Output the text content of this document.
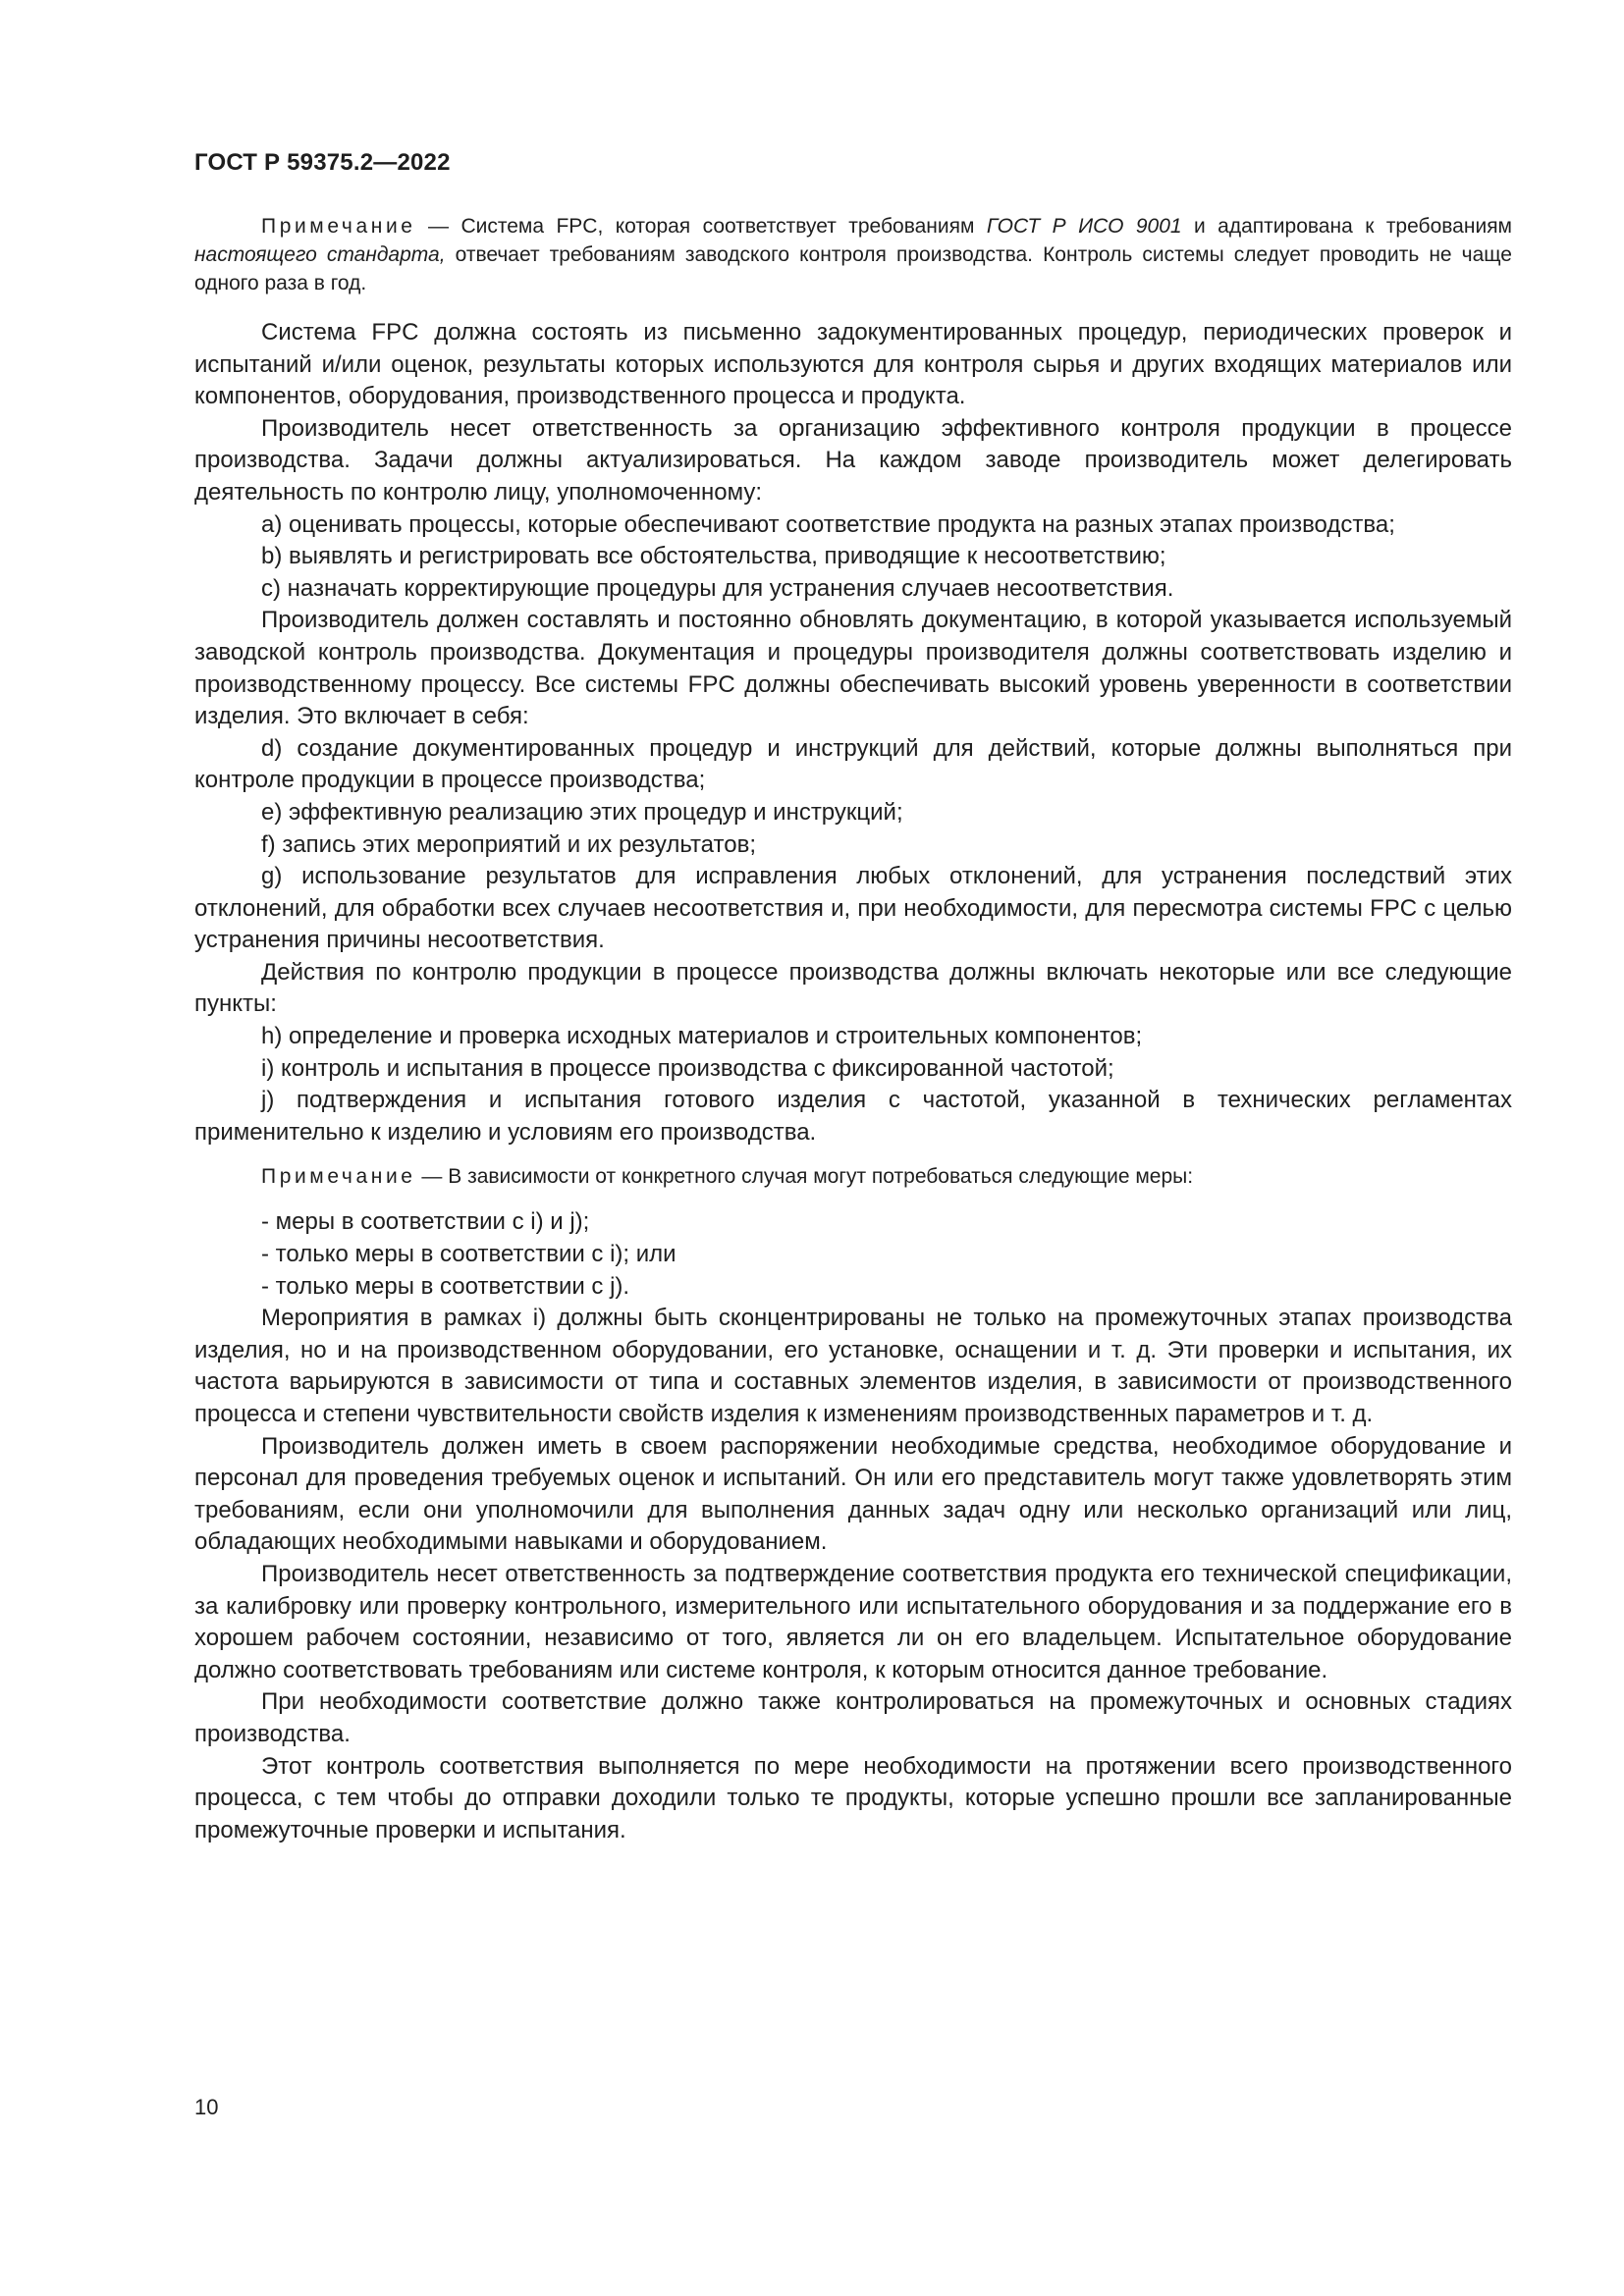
ГОСТ Р 59375.2—2022

Примечание — Система FPC, которая соответствует требованиям ГОСТ Р ИСО 9001 и адаптирована к требованиям настоящего стандарта, отвечает требованиям заводского контроля производства. Контроль системы следует проводить не чаще одного раза в год.

Система FPC должна состоять из письменно задокументированных процедур, периодических проверок и испытаний и/или оценок, результаты которых используются для контроля сырья и других входящих материалов или компонентов, оборудования, производственного процесса и продукта.

Производитель несет ответственность за организацию эффективного контроля продукции в процессе производства. Задачи должны актуализироваться. На каждом заводе производитель может делегировать деятельность по контролю лицу, уполномоченному:

а) оценивать процессы, которые обеспечивают соответствие продукта на разных этапах производства;

b) выявлять и регистрировать все обстоятельства, приводящие к несоответствию;

c) назначать корректирующие процедуры для устранения случаев несоответствия.

Производитель должен составлять и постоянно обновлять документацию, в которой указывается используемый заводской контроль производства. Документация и процедуры производителя должны соответствовать изделию и производственному процессу. Все системы FPC должны обеспечивать высокий уровень уверенности в соответствии изделия. Это включает в себя:

d) создание документированных процедур и инструкций для действий, которые должны выполняться при контроле продукции в процессе производства;

е) эффективную реализацию этих процедур и инструкций;

f) запись этих мероприятий и их результатов;

g) использование результатов для исправления любых отклонений, для устранения последствий этих отклонений, для обработки всех случаев несоответствия и, при необходимости, для пересмотра системы FPC с целью устранения причины несоответствия.

Действия по контролю продукции в процессе производства должны включать некоторые или все следующие пункты:

h) определение и проверка исходных материалов и строительных компонентов;

i) контроль и испытания в процессе производства с фиксированной частотой;

j) подтверждения и испытания готового изделия с частотой, указанной в технических регламентах применительно к изделию и условиям его производства.

Примечание — В зависимости от конкретного случая могут потребоваться следующие меры:

- меры в соответствии с i) и j);

- только меры в соответствии с i); или

- только меры в соответствии с j).

Мероприятия в рамках i) должны быть сконцентрированы не только на промежуточных этапах производства изделия, но и на производственном оборудовании, его установке, оснащении и т. д. Эти проверки и испытания, их частота варьируются в зависимости от типа и составных элементов изделия, в зависимости от производственного процесса и степени чувствительности свойств изделия к изменениям производственных параметров и т. д.

Производитель должен иметь в своем распоряжении необходимые средства, необходимое оборудование и персонал для проведения требуемых оценок и испытаний. Он или его представитель могут также удовлетворять этим требованиям, если они уполномочили для выполнения данных задач одну или несколько организаций или лиц, обладающих необходимыми навыками и оборудованием.

Производитель несет ответственность за подтверждение соответствия продукта его технической спецификации, за калибровку или проверку контрольного, измерительного или испытательного оборудования и за поддержание его в хорошем рабочем состоянии, независимо от того, является ли он его владельцем. Испытательное оборудование должно соответствовать требованиям или системе контроля, к которым относится данное требование.

При необходимости соответствие должно также контролироваться на промежуточных и основных стадиях производства.

Этот контроль соответствия выполняется по мере необходимости на протяжении всего производственного процесса, с тем чтобы до отправки доходили только те продукты, которые успешно прошли все запланированные промежуточные проверки и испытания.

10
